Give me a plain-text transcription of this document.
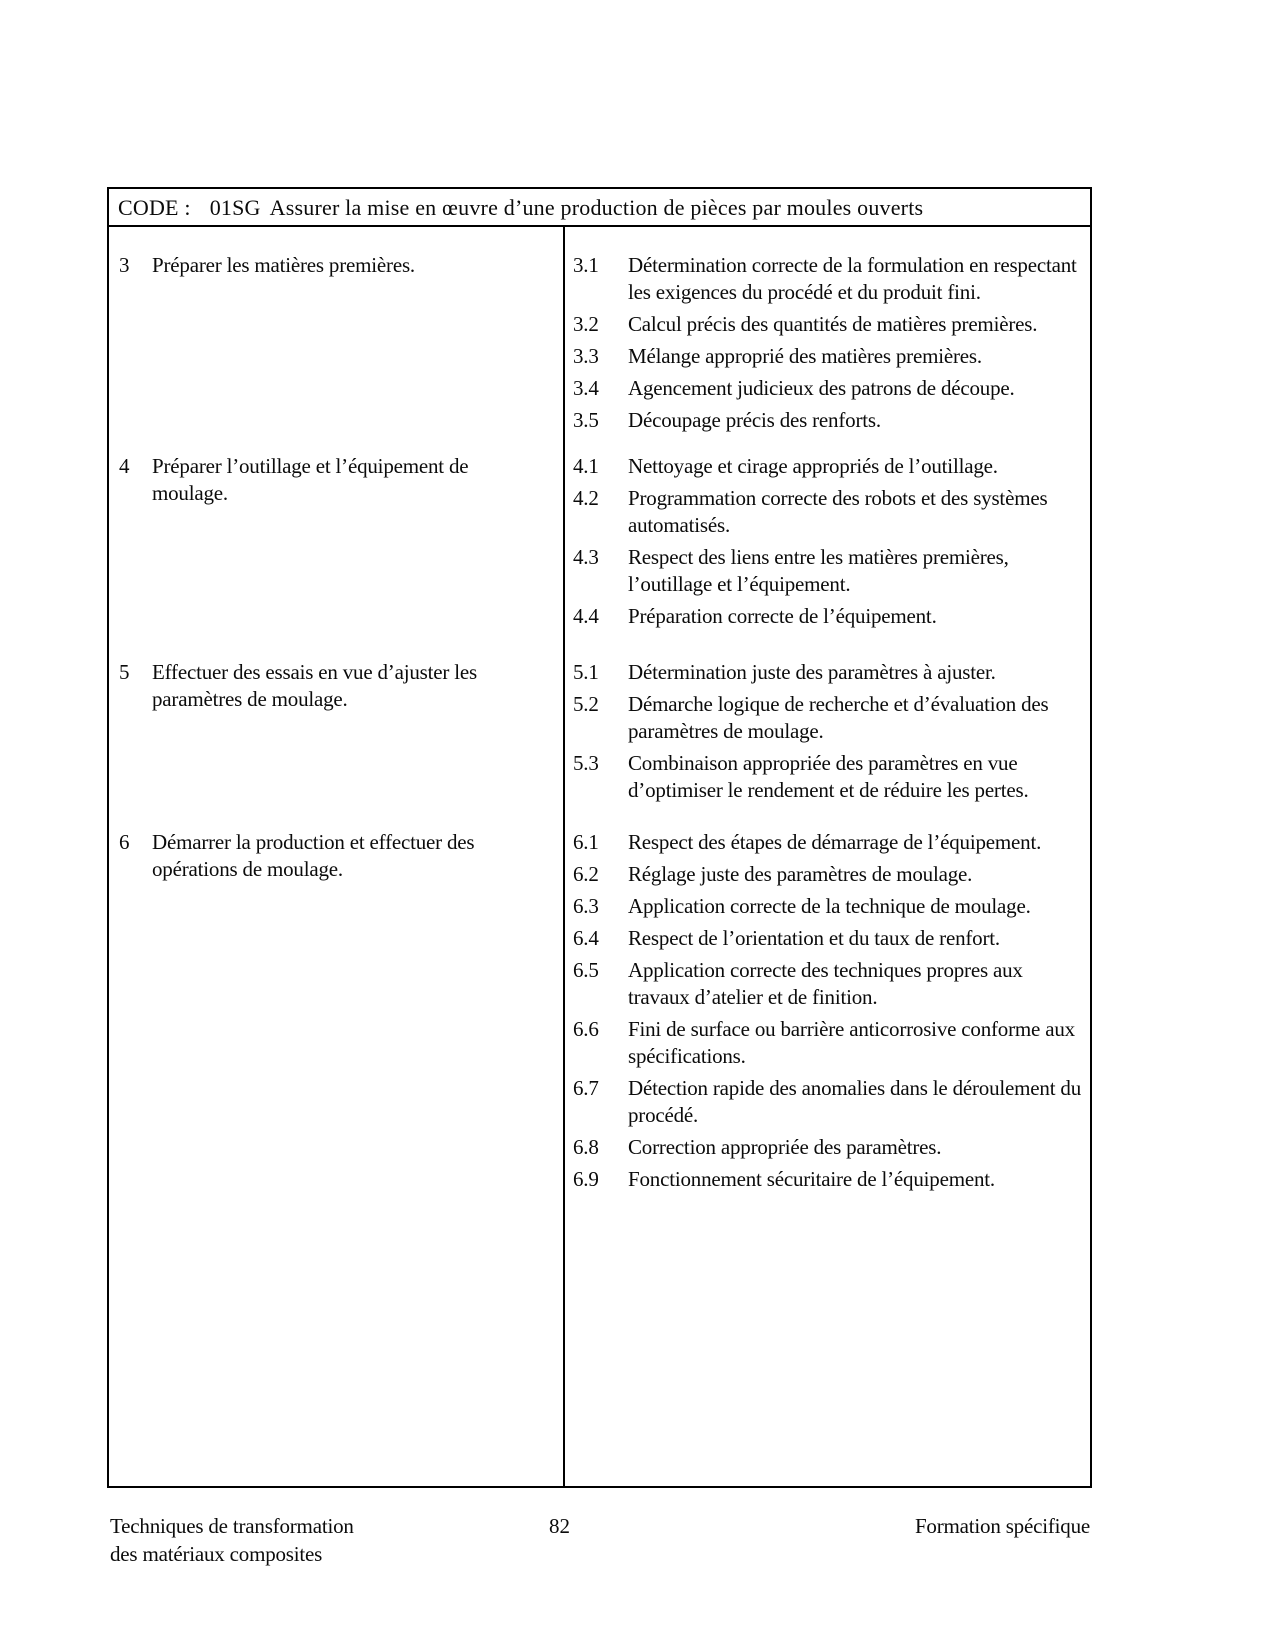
CODE : 01SG Assurer la mise en œuvre d’une production de pièces par moules ouverts
3	Préparer les matières premières.	3.1	Détermination correcte de la formulation en respectant les exigences du procédé et du produit fini.
3.2	Calcul précis des quantités de matières premières.
3.3	Mélange approprié des matières premières.
3.4	Agencement judicieux des patrons de découpe.
3.5	Découpage précis des renforts.
4	Préparer l’outillage et l’équipement de moulage.
4.1	Nettoyage et cirage appropriés de l’outillage.
4.2	Programmation correcte des robots et des systèmes automatisés.
4.3	Respect des liens entre les matières premières, l’outillage et l’équipement.
4.4	Préparation correcte de l’équipement.
5	Effectuer des essais en vue d’ajuster les paramètres de moulage.
5.1	Détermination juste des paramètres à ajuster.
5.2	Démarche logique de recherche et d’évaluation des paramètres de moulage.
5.3	Combinaison appropriée des paramètres en vue d’optimiser le rendement et de réduire les pertes.
6	Démarrer la production et effectuer des opérations de moulage.
6.1	Respect des étapes de démarrage de l’équipement.
6.2	Réglage juste des paramètres de moulage.
6.3	Application correcte de la technique de moulage.
6.4	Respect de l’orientation et du taux de renfort.
6.5	Application correcte des techniques propres aux travaux d’atelier et de finition.
6.6	Fini de surface ou barrière anticorrosive conforme aux spécifications.
6.7	Détection rapide des anomalies dans le déroulement du procédé.
6.8	Correction appropriée des paramètres.
6.9	Fonctionnement sécuritaire de l’équipement.
Techniques de transformation
des matériaux composites
82	Formation spécifique
